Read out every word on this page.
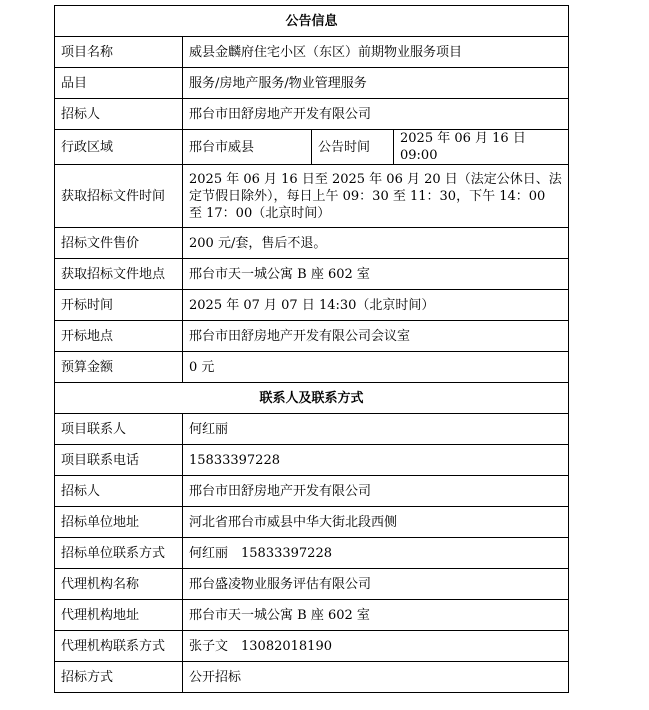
公告信息			
项目名称	威县金麟府住宅小区（东区）前期物业服务项目		
品目	服务/房地产服务/物业管理服务		
招标人	邢台市田舒房地产开发有限公司		
行政区域	邢台市威县	公告时间	2025 年 06 月 16 日 09:00
获取招标文件时间	2025 年 06 月 16 日至 2025 年 06 月 20 日（法定公休日、法定节假日除外），每日上午 09：30 至 11：30，下午 14：00 至 17：00（北京时间）		
招标文件售价	200 元/套，售后不退。		
获取招标文件地点	邢台市天一城公寓 B 座 602 室		
开标时间	2025 年 07 月 07 日 14:30（北京时间）		
开标地点	邢台市田舒房地产开发有限公司会议室		
预算金额	0 元		
联系人及联系方式			
项目联系人	何红丽		
项目联系电话	15833397228		
招标人	邢台市田舒房地产开发有限公司		
招标单位地址	河北省邢台市威县中华大街北段西侧		
招标单位联系方式	何红丽　15833397228		
代理机构名称	邢台盛凌物业服务评估有限公司		
代理机构地址	邢台市天一城公寓 B 座 602 室		
代理机构联系方式	张子文　13082018190		
招标方式	公开招标		
